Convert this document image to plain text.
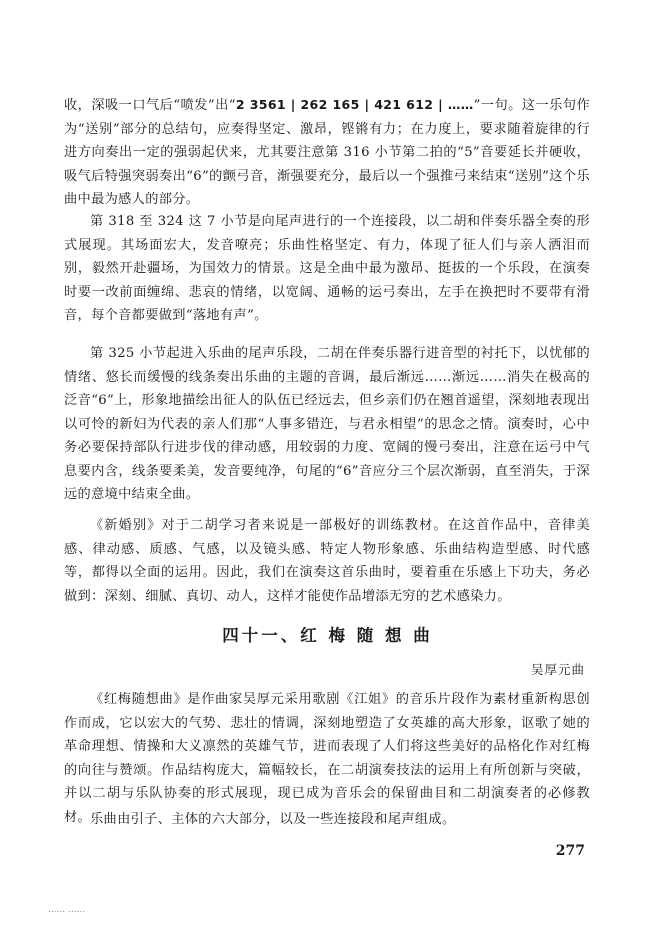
收，深吸一口气后“喷发”出“2 3561 | 262 165 | 421 612 | ……”一句。这一乐句作为“送别”部分的总结句，应奏得坚定、激昂，铿锵有力；在力度上，要求随着旋律的行进方向奏出一定的强弱起伏来，尤其要注意第 316 小节第二拍的“5”音要延长并硬收，吸气后特强突弱奏出“6”的颤弓音，渐强要充分，最后以一个强推弓来结束“送别”这个乐曲中最为感人的部分。

第 318 至 324 这 7 小节是向尾声进行的一个连接段，以二胡和伴奏乐器全奏的形式展现。其场面宏大，发音嘹亮；乐曲性格坚定、有力，体现了征人们与亲人洒泪而别，毅然开赴疆场，为国效力的情景。这是全曲中最为激昂、挺拔的一个乐段，在演奏时要一改前面缠绵、悲哀的情绪，以宽阔、通畅的运弓奏出，左手在换把时不要带有滑音，每个音都要做到“落地有声”。

第 325 小节起进入乐曲的尾声乐段，二胡在伴奏乐器行进音型的衬托下，以忧郁的情绪、悠长而缓慢的线条奏出乐曲的主题的音调，最后渐远……渐远……消失在极高的泛音“6”上，形象地描绘出征人的队伍已经远去，但乡亲们仍在翘首遥望，深刻地表现出以可怜的新妇为代表的亲人们那“人事多错迕，与君永相望”的思念之情。演奏时，心中务必要保持部队行进步伐的律动感，用较弱的力度、宽阔的慢弓奏出，注意在运弓中气息要内含，线条要柔美，发音要纯净，句尾的“6”音应分三个层次渐弱，直至消失，于深远的意境中结束全曲。

《新婚别》对于二胡学习者来说是一部极好的训练教材。在这首作品中，音律美感、律动感、质感、气感，以及镜头感、特定人物形象感、乐曲结构造型感、时代感等，都得以全面的运用。因此，我们在演奏这首乐曲时，要着重在乐感上下功夫，务必做到：深刻、细腻、真切、动人，这样才能使作品增添无穷的艺术感染力。

四十一、红 梅 随 想 曲

吴厚元曲

《红梅随想曲》是作曲家吴厚元采用歌剧《江姐》的音乐片段作为素材重新构思创作而成，它以宏大的气势、悲壮的情调，深刻地塑造了女英雄的高大形象，讴歌了她的革命理想、情操和大义凛然的英雄气节，进而表现了人们将这些美好的品格化作对红梅的向往与赞颂。作品结构庞大，篇幅较长，在二胡演奏技法的运用上有所创新与突破，并以二胡与乐队协奏的形式展现，现已成为音乐会的保留曲目和二胡演奏者的必修教材。

乐曲由引子、主体的六大部分，以及一些连接段和尾声组成。

277

...... ......
